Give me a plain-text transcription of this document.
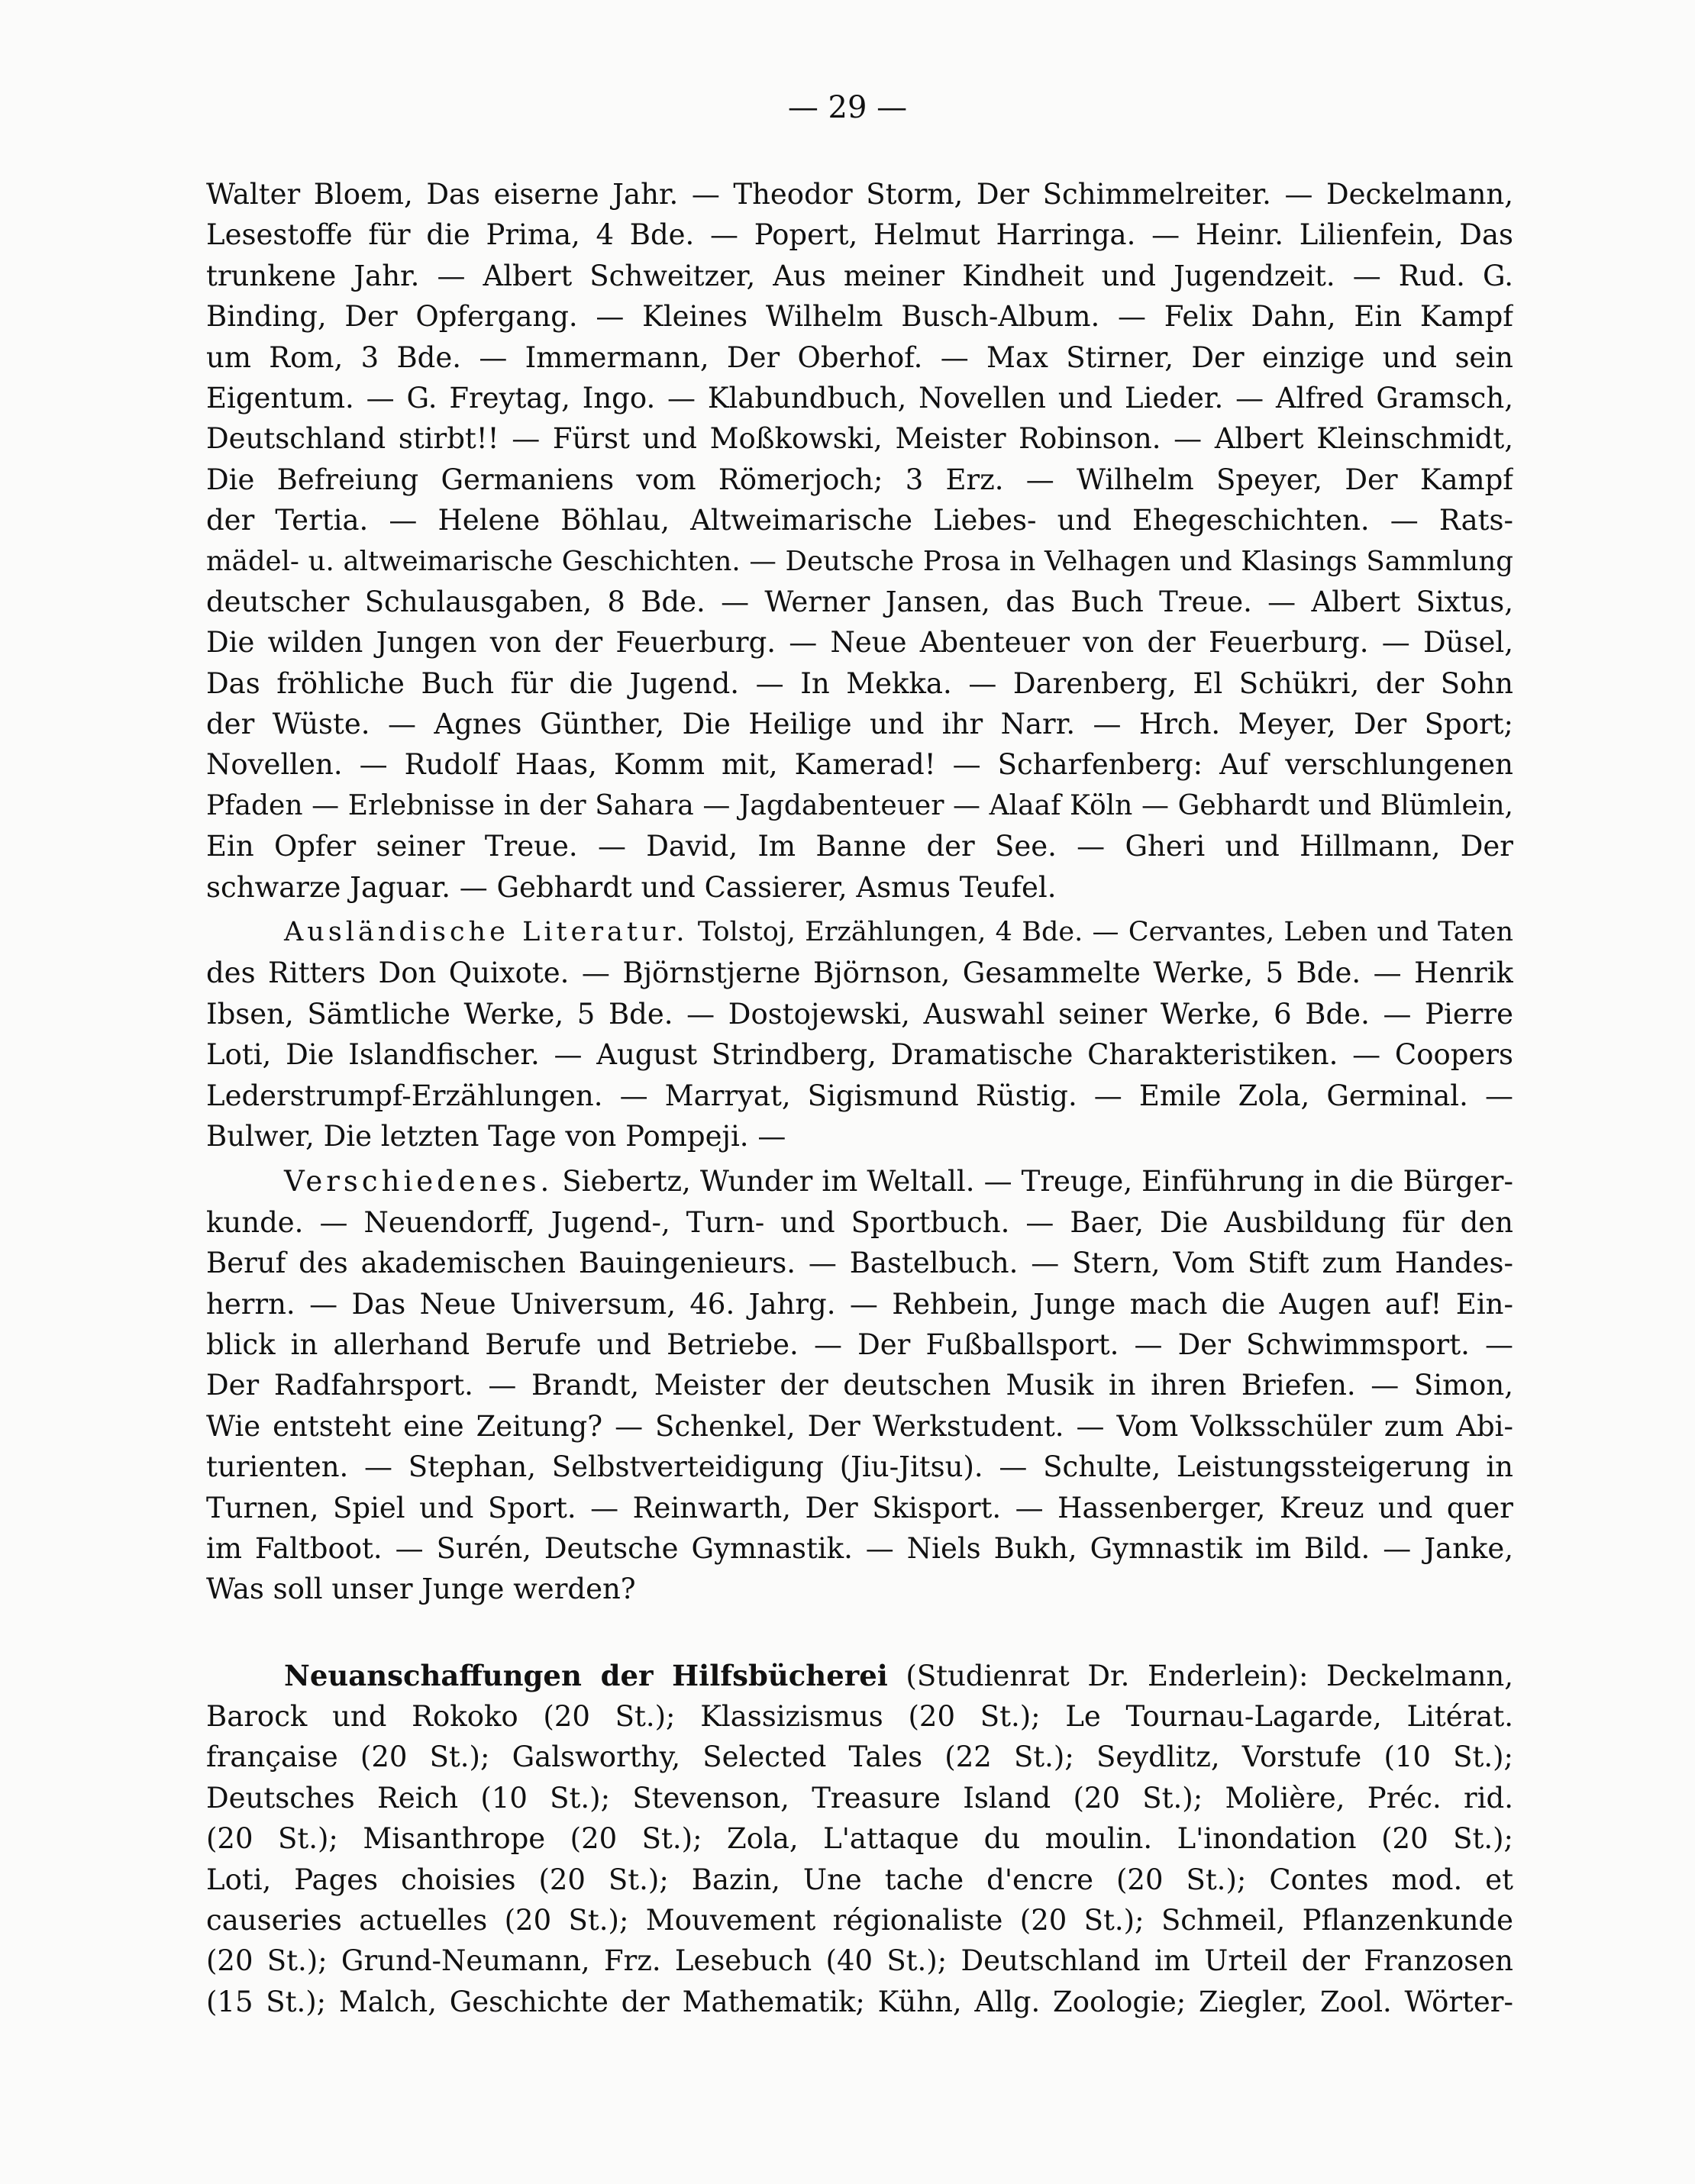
— 29 —
Walter Bloem, Das eiserne Jahr. — Theodor Storm, Der Schimmelreiter. — Deckelmann,
Lesestoffe für die Prima, 4 Bde. — Popert, Helmut Harringa. — Heinr. Lilienfein, Das
trunkene Jahr. — Albert Schweitzer, Aus meiner Kindheit und Jugendzeit. — Rud. G.
Binding, Der Opfergang. — Kleines Wilhelm Busch-Album. — Felix Dahn, Ein Kampf
um Rom, 3 Bde. — Immermann, Der Oberhof. — Max Stirner, Der einzige und sein
Eigentum. — G. Freytag, Ingo. — Klabundbuch, Novellen und Lieder. — Alfred Gramsch,
Deutschland stirbt!! — Fürst und Moßkowski, Meister Robinson. — Albert Kleinschmidt,
Die Befreiung Germaniens vom Römerjoch; 3 Erz. — Wilhelm Speyer, Der Kampf
der Tertia. — Helene Böhlau, Altweimarische Liebes- und Ehegeschichten. — Rats-
mädel- u. altweimarische Geschichten. — Deutsche Prosa in Velhagen und Klasings Sammlung
deutscher Schulausgaben, 8 Bde. — Werner Jansen, das Buch Treue. — Albert Sixtus,
Die wilden Jungen von der Feuerburg. — Neue Abenteuer von der Feuerburg. — Düsel,
Das fröhliche Buch für die Jugend. — In Mekka. — Darenberg, El Schükri, der Sohn
der Wüste. — Agnes Günther, Die Heilige und ihr Narr. — Hrch. Meyer, Der Sport;
Novellen. — Rudolf Haas, Komm mit, Kamerad! — Scharfenberg: Auf verschlungenen
Pfaden — Erlebnisse in der Sahara — Jagdabenteuer — Alaaf Köln — Gebhardt und Blümlein,
Ein Opfer seiner Treue. — David, Im Banne der See. — Gheri und Hillmann, Der
schwarze Jaguar. — Gebhardt und Cassierer, Asmus Teufel.
Ausländische Literatur. Tolstoj, Erzählungen, 4 Bde. — Cervantes, Leben und Taten
des Ritters Don Quixote. — Björnstjerne Björnson, Gesammelte Werke, 5 Bde. — Henrik
Ibsen, Sämtliche Werke, 5 Bde. — Dostojewski, Auswahl seiner Werke, 6 Bde. — Pierre
Loti, Die Islandfischer. — August Strindberg, Dramatische Charakteristiken. — Coopers
Lederstrumpf-Erzählungen. — Marryat, Sigismund Rüstig. — Emile Zola, Germinal. —
Bulwer, Die letzten Tage von Pompeji. —
Verschiedenes. Siebertz, Wunder im Weltall. — Treuge, Einführung in die Bürger-
kunde. — Neuendorff, Jugend-, Turn- und Sportbuch. — Baer, Die Ausbildung für den
Beruf des akademischen Bauingenieurs. — Bastelbuch. — Stern, Vom Stift zum Handes-
herrn. — Das Neue Universum, 46. Jahrg. — Rehbein, Junge mach die Augen auf! Ein-
blick in allerhand Berufe und Betriebe. — Der Fußballsport. — Der Schwimmsport. —
Der Radfahrsport. — Brandt, Meister der deutschen Musik in ihren Briefen. — Simon,
Wie entsteht eine Zeitung? — Schenkel, Der Werkstudent. — Vom Volksschüler zum Abi-
turienten. — Stephan, Selbstverteidigung (Jiu-Jitsu). — Schulte, Leistungssteigerung in
Turnen, Spiel und Sport. — Reinwarth, Der Skisport. — Hassenberger, Kreuz und quer
im Faltboot. — Surén, Deutsche Gymnastik. — Niels Bukh, Gymnastik im Bild. — Janke,
Was soll unser Junge werden?
Neuanschaffungen der Hilfsbücherei (Studienrat Dr. Enderlein): Deckelmann,
Barock und Rokoko (20 St.); Klassizismus (20 St.); Le Tournau-Lagarde, Litérat.
française (20 St.); Galsworthy, Selected Tales (22 St.); Seydlitz, Vorstufe (10 St.);
Deutsches Reich (10 St.); Stevenson, Treasure Island (20 St.); Molière, Préc. rid.
(20 St.); Misanthrope (20 St.); Zola, L'attaque du moulin. L'inondation (20 St.);
Loti, Pages choisies (20 St.); Bazin, Une tache d'encre (20 St.); Contes mod. et
causeries actuelles (20 St.); Mouvement régionaliste (20 St.); Schmeil, Pflanzenkunde
(20 St.); Grund-Neumann, Frz. Lesebuch (40 St.); Deutschland im Urteil der Franzosen
(15 St.); Malch, Geschichte der Mathematik; Kühn, Allg. Zoologie; Ziegler, Zool. Wörter-
